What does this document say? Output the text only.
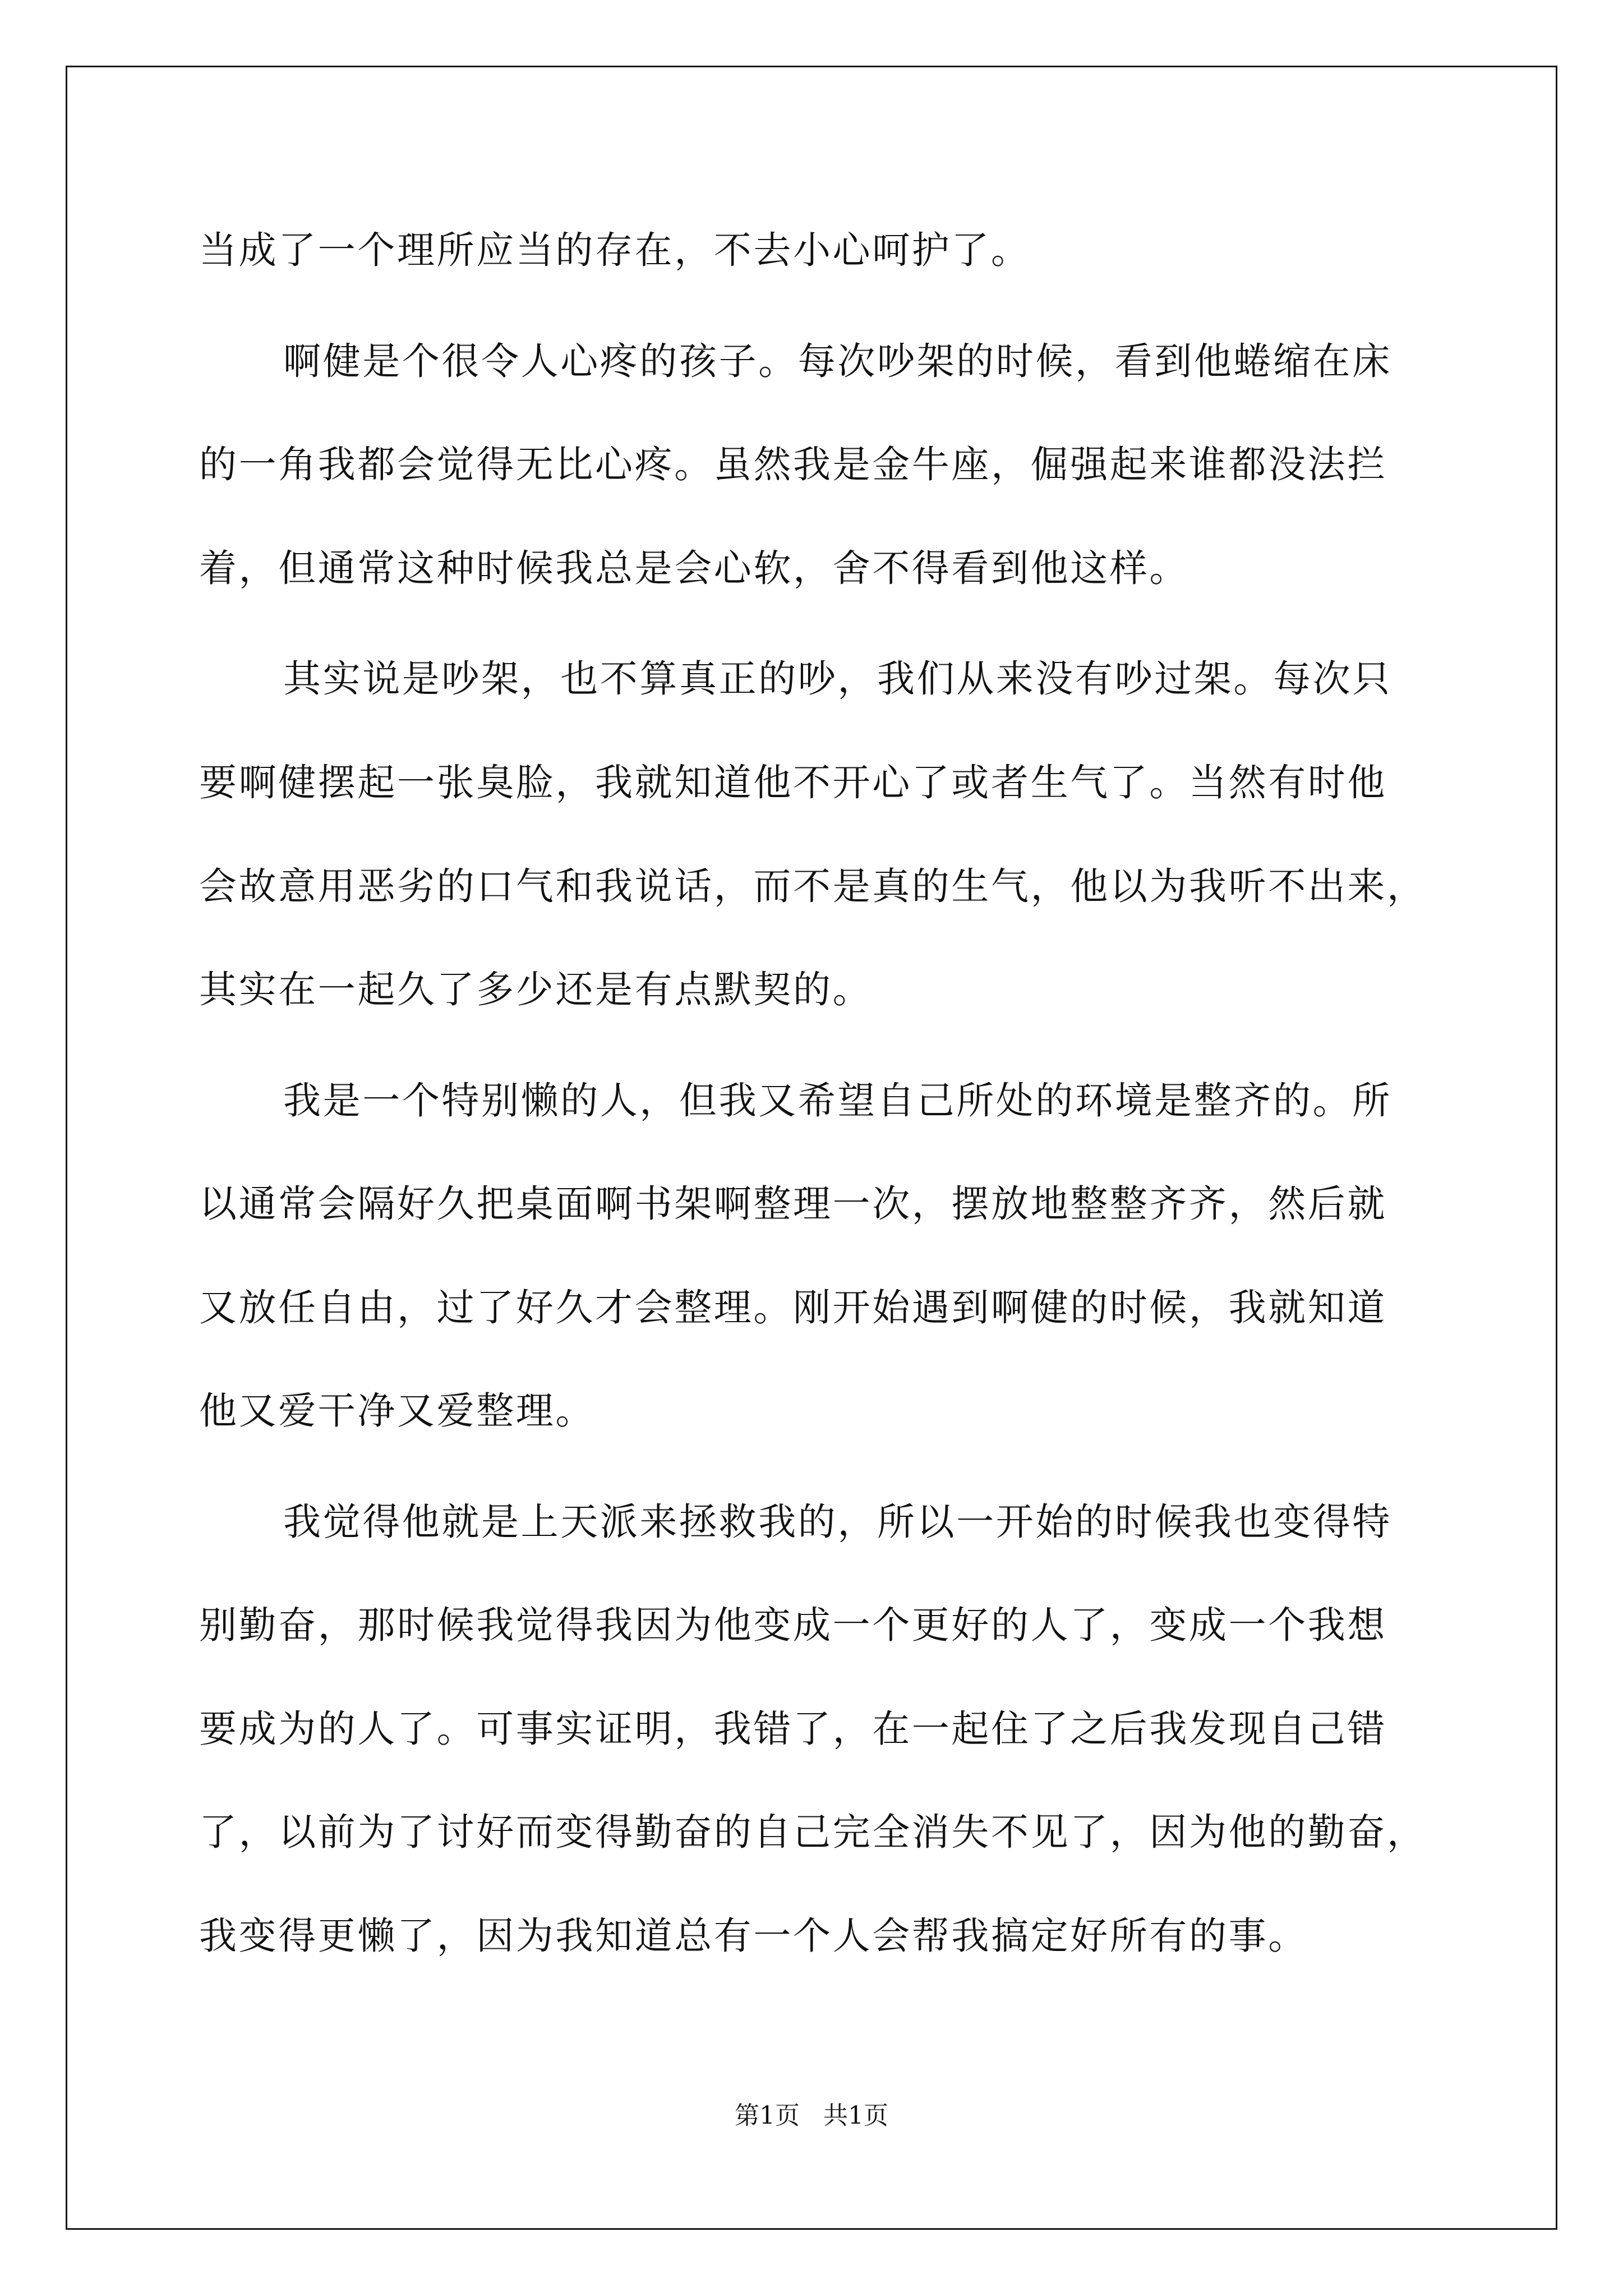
当成了一个理所应当的存在，不去小心呵护了。

啊健是个很令人心疼的孩子。每次吵架的时候，看到他蜷缩在床

的一角我都会觉得无比心疼。虽然我是金牛座，倔强起来谁都没法拦

着，但通常这种时候我总是会心软，舍不得看到他这样。

其实说是吵架，也不算真正的吵，我们从来没有吵过架。每次只

要啊健摆起一张臭脸，我就知道他不开心了或者生气了。当然有时他

会故意用恶劣的口气和我说话，而不是真的生气，他以为我听不出来，

其实在一起久了多少还是有点默契的。

我是一个特别懒的人，但我又希望自己所处的环境是整齐的。所

以通常会隔好久把桌面啊书架啊整理一次，摆放地整整齐齐，然后就

又放任自由，过了好久才会整理。刚开始遇到啊健的时候，我就知道

他又爱干净又爱整理。

我觉得他就是上天派来拯救我的，所以一开始的时候我也变得特

别勤奋，那时候我觉得我因为他变成一个更好的人了，变成一个我想

要成为的人了。可事实证明，我错了，在一起住了之后我发现自己错

了，以前为了讨好而变得勤奋的自己完全消失不见了，因为他的勤奋，

我变得更懒了，因为我知道总有一个人会帮我搞定好所有的事。

第1页   共1页
